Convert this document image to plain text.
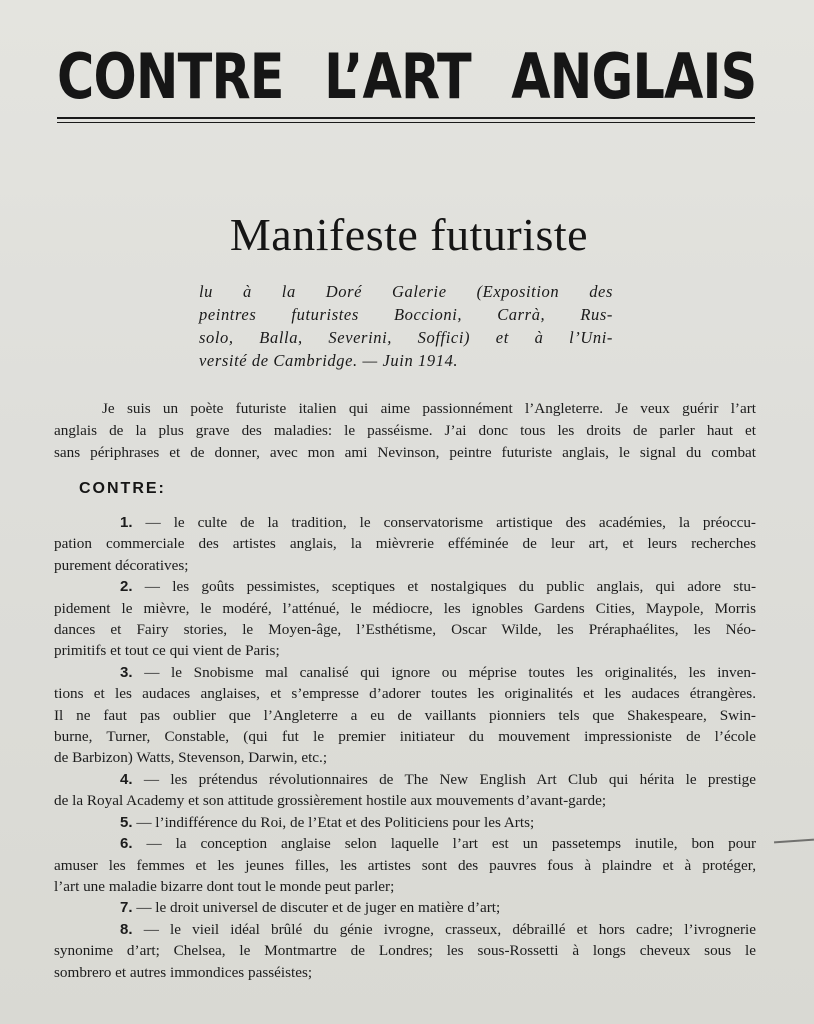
CONTRE L’ART ANGLAIS
Manifeste futuriste
lu à la Doré Galerie (Exposition des
peintres futuristes Boccioni, Carrà, Rus-
solo, Balla, Severini, Soffici) et à l’Uni-
versité de Cambridge. — Juin 1914.
Je suis un poète futuriste italien qui aime passionnément l’Angleterre. Je veux guérir l’art
anglais de la plus grave des maladies: le passéisme. J’ai donc tous les droits de parler haut et
sans périphrases et de donner, avec mon ami Nevinson, peintre futuriste anglais, le signal du combat
CONTRE:
1. — le culte de la tradition, le conservatorisme artistique des académies, la préoccu-
pation commerciale des artistes anglais, la mièvrerie efféminée de leur art, et leurs recherches
purement décoratives;
2. — les goûts pessimistes, sceptiques et nostalgiques du public anglais, qui adore stu-
pidement le mièvre, le modéré, l’atténué, le médiocre, les ignobles Gardens Cities, Maypole, Morris
dances et Fairy stories, le Moyen-âge, l’Esthétisme, Oscar Wilde, les Préraphaélites, les Néo-
primitifs et tout ce qui vient de Paris;
3. — le Snobisme mal canalisé qui ignore ou méprise toutes les originalités, les inven-
tions et les audaces anglaises, et s’empresse d’adorer toutes les originalités et les audaces étrangères.
Il ne faut pas oublier que l’Angleterre a eu de vaillants pionniers tels que Shakespeare, Swin-
burne, Turner, Constable, (qui fut le premier initiateur du mouvement impressioniste de l’école
de Barbizon) Watts, Stevenson, Darwin, etc.;
4. — les prétendus révolutionnaires de The New English Art Club qui hérita le prestige
de la Royal Academy et son attitude grossièrement hostile aux mouvements d’avant-garde;
5. — l’indifférence du Roi, de l’Etat et des Politiciens pour les Arts;
6. — la conception anglaise selon laquelle l’art est un passetemps inutile, bon pour
amuser les femmes et les jeunes filles, les artistes sont des pauvres fous à plaindre et à protéger,
l’art une maladie bizarre dont tout le monde peut parler;
7. — le droit universel de discuter et de juger en matière d’art;
8. — le vieil idéal brûlé du génie ivrogne, crasseux, débraillé et hors cadre; l’ivrognerie
synonime d’art; Chelsea, le Montmartre de Londres; les sous-Rossetti à longs cheveux sous le
sombrero et autres immondices passéistes;
